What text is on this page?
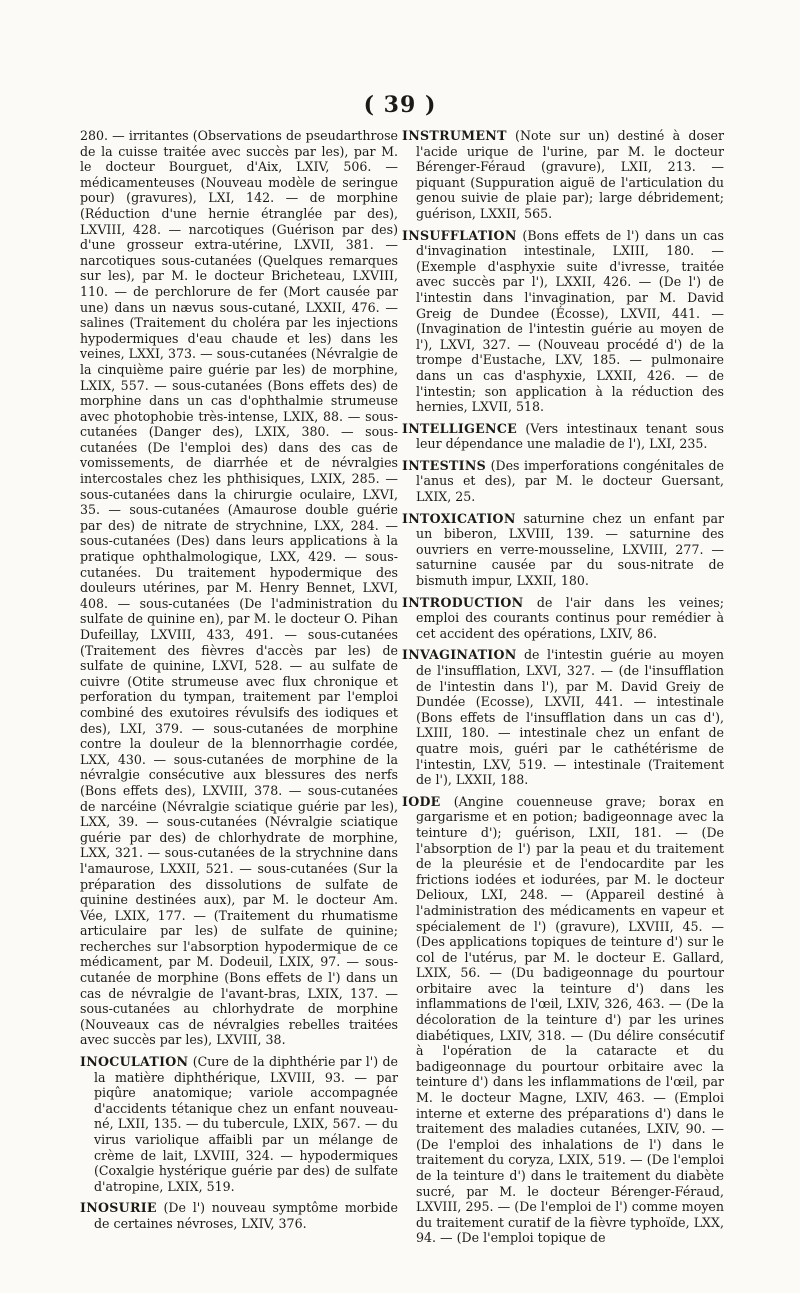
( 39 )

280. — irritantes (Observations de pseudarthrose de la cuisse traitée avec succès par les), par M. le docteur Bourguet, d'Aix, LXIV, 506. — médicamenteuses (Nouveau modèle de seringue pour) (gravures), LXI, 142. — de morphine (Réduction d'une hernie étranglée par des), LXVIII, 428. — narcotiques (Guérison par des) d'une grosseur extra-utérine, LXVII, 381. — narcotiques sous-cutanées (Quelques remarques sur les), par M. le docteur Bricheteau, LXVIII, 110. — de perchlorure de fer (Mort causée par une) dans un nævus sous-cutané, LXXII, 476. — salines (Traitement du choléra par les injections hypodermiques d'eau chaude et les) dans les veines, LXXI, 373. — sous-cutanées (Névralgie de la cinquième paire guérie par les) de morphine, LXIX, 557. — sous-cutanées (Bons effets des) de morphine dans un cas d'ophthalmie strumeuse avec photophobie très-intense, LXIX, 88. — sous-cutanées (Danger des), LXIX, 380. — sous-cutanées (De l'emploi des) dans des cas de vomissements, de diarrhée et de névralgies intercostales chez les phthisiques, LXIX, 285. — sous-cutanées dans la chirurgie oculaire, LXVI, 35. — sous-cutanées (Amaurose double guérie par des) de nitrate de strychnine, LXX, 284. — sous-cutanées (Des) dans leurs applications à la pratique ophthalmologique, LXX, 429. — sous-cutanées. Du traitement hypodermique des douleurs utérines, par M. Henry Bennet, LXVI, 408. — sous-cutanées (De l'administration du sulfate de quinine en), par M. le docteur O. Pihan Dufeillay, LXVIII, 433, 491. — sous-cutanées (Traitement des fièvres d'accès par les) de sulfate de quinine, LXVI, 528. — au sulfate de cuivre (Otite strumeuse avec flux chronique et perforation du tympan, traitement par l'emploi combiné des exutoires révulsifs des iodiques et des), LXI, 379. — sous-cutanées de morphine contre la douleur de la blennorrhagie cordée, LXX, 430. — sous-cutanées de morphine de la névralgie consécutive aux blessures des nerfs (Bons effets des), LXVIII, 378. — sous-cutanées de narcéine (Névralgie sciatique guérie par les), LXX, 39. — sous-cutanées (Névralgie sciatique guérie par des) de chlorhydrate de morphine, LXX, 321. — sous-cutanées de la strychnine dans l'amaurose, LXXII, 521. — sous-cutanées (Sur la préparation des dissolutions de sulfate de quinine destinées aux), par M. le docteur Am. Vée, LXIX, 177. — (Traitement du rhumatisme articulaire par les) de sulfate de quinine; recherches sur l'absorption hypodermique de ce médicament, par M. Dodeuil, LXIX, 97. — sous-cutanée de morphine (Bons effets de l') dans un cas de névralgie de l'avant-bras, LXIX, 137. — sous-cutanées au chlorhydrate de morphine (Nouveaux cas de névralgies rebelles traitées avec succès par les), LXVIII, 38.

INOCULATION (Cure de la diphthérie par l') de la matière diphthérique, LXVIII, 93. — par piqûre anatomique; variole accompagnée d'accidents tétanique chez un enfant nouveau-né, LXII, 135. — du tubercule, LXIX, 567. — du virus variolique affaibli par un mélange de crème de lait, LXVIII, 324. — hypodermiques (Coxalgie hystérique guérie par des) de sulfate d'atropine, LXIX, 519.

INOSURIE (De l') nouveau symptôme morbide de certaines névroses, LXIV, 376.

INSTRUMENT (Note sur un) destiné à doser l'acide urique de l'urine, par M. le docteur Bérenger-Féraud (gravure), LXII, 213. — piquant (Suppuration aiguë de l'articulation du genou suivie de plaie par); large débridement; guérison, LXXII, 565.

INSUFFLATION (Bons effets de l') dans un cas d'invagination intestinale, LXIII, 180. — (Exemple d'asphyxie suite d'ivresse, traitée avec succès par l'), LXXII, 426. — (De l') de l'intestin dans l'invagination, par M. David Greig de Dundee (Écosse), LXVII, 441. — (Invagination de l'intestin guérie au moyen de l'), LXVI, 327. — (Nouveau procédé d') de la trompe d'Eustache, LXV, 185. — pulmonaire dans un cas d'asphyxie, LXXII, 426. — de l'intestin; son application à la réduction des hernies, LXVII, 518.

INTELLIGENCE (Vers intestinaux tenant sous leur dépendance une maladie de l'), LXI, 235.

INTESTINS (Des imperforations congénitales de l'anus et des), par M. le docteur Guersant, LXIX, 25.

INTOXICATION saturnine chez un enfant par un biberon, LXVIII, 139. — saturnine des ouvriers en verre-mousseline, LXVIII, 277. — saturnine causée par du sous-nitrate de bismuth impur, LXXII, 180.

INTRODUCTION de l'air dans les veines; emploi des courants continus pour remédier à cet accident des opérations, LXIV, 86.

INVAGINATION de l'intestin guérie au moyen de l'insufflation, LXVI, 327. — (de l'insufflation de l'intestin dans l'), par M. David Greiy de Dundée (Ecosse), LXVII, 441. — intestinale (Bons effets de l'insufflation dans un cas d'), LXIII, 180. — intestinale chez un enfant de quatre mois, guéri par le cathétérisme de l'intestin, LXV, 519. — intestinale (Traitement de l'), LXXII, 188.

IODE (Angine couenneuse grave; borax en gargarisme et en potion; badigeonnage avec la teinture d'); guérison, LXII, 181. — (De l'absorption de l') par la peau et du traitement de la pleurésie et de l'endocardite par les frictions iodées et iodurées, par M. le docteur Delioux, LXI, 248. — (Appareil destiné à l'administration des médicaments en vapeur et spécialement de l') (gravure), LXVIII, 45. — (Des applications topiques de teinture d') sur le col de l'utérus, par M. le docteur E. Gallard, LXIX, 56. — (Du badigeonnage du pourtour orbitaire avec la teinture d') dans les inflammations de l'œil, LXIV, 326, 463. — (De la décoloration de la teinture d') par les urines diabétiques, LXIV, 318. — (Du délire consécutif à l'opération de la cataracte et du badigeonnage du pourtour orbitaire avec la teinture d') dans les inflammations de l'œil, par M. le docteur Magne, LXIV, 463. — (Emploi interne et externe des préparations d') dans le traitement des maladies cutanées, LXIV, 90. — (De l'emploi des inhalations de l') dans le traitement du coryza, LXIX, 519. — (De l'emploi de la teinture d') dans le traitement du diabète sucré, par M. le docteur Bérenger-Féraud, LXVIII, 295. — (De l'emploi de l') comme moyen du traitement curatif de la fièvre typhoïde, LXX, 94. — (De l'emploi topique de
